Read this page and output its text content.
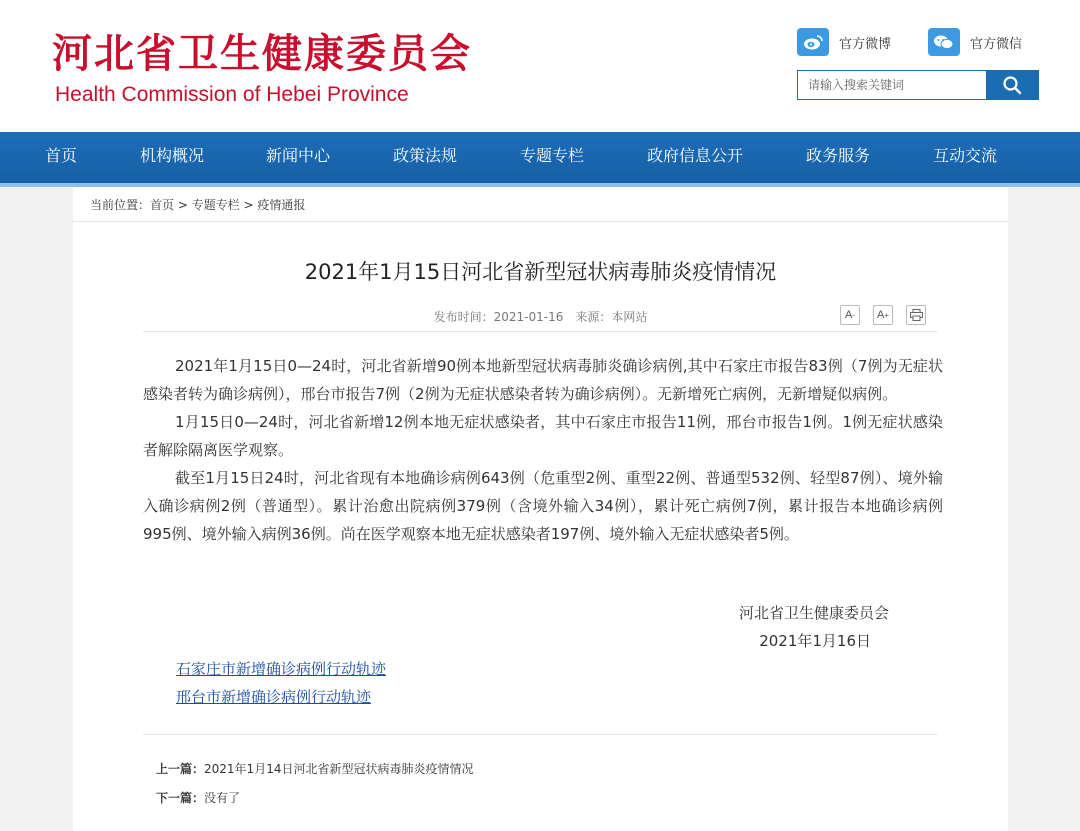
河北省卫生健康委员会
Health Commission of Hebei Province
官方微博	官方微信
请输入搜索关键词
首页	机构概况	新闻中心	政策法规	专题专栏	政府信息公开	政务服务	互动交流
当前位置：首页 > 专题专栏 > 疫情通报
2021年1月15日河北省新型冠状病毒肺炎疫情情况
发布时间：2021-01-16 来源：本网站	A - A +

2021年1月15日0—24时，河北省新增90例本地新型冠状病毒肺炎确诊病例,其中石家庄市报告83例（7例为无症状感染者转为确诊病例），邢台市报告7例（2例为无症状感染者转为确诊病例）。无新增死亡病例，无新增疑似病例。

1月15日0—24时，河北省新增12例本地无症状感染者，其中石家庄市报告11例，邢台市报告1例。1例无症状感染者解除隔离医学观察。

截至1月15日24时，河北省现有本地确诊病例643例（危重型2例、重型22例、普通型532例、轻型87例）、境外输入确诊病例2例（普通型）。累计治愈出院病例379例（含境外输入34例），累计死亡病例7例，累计报告本地确诊病例995例、境外输入病例36例。尚在医学观察本地无症状感染者197例、境外输入无症状感染者5例。

河北省卫生健康委员会
2021年1月16日
石家庄市新增确诊病例行动轨迹
邢台市新增确诊病例行动轨迹
上一篇：2021年1月14日河北省新型冠状病毒肺炎疫情情况
下一篇：没有了
